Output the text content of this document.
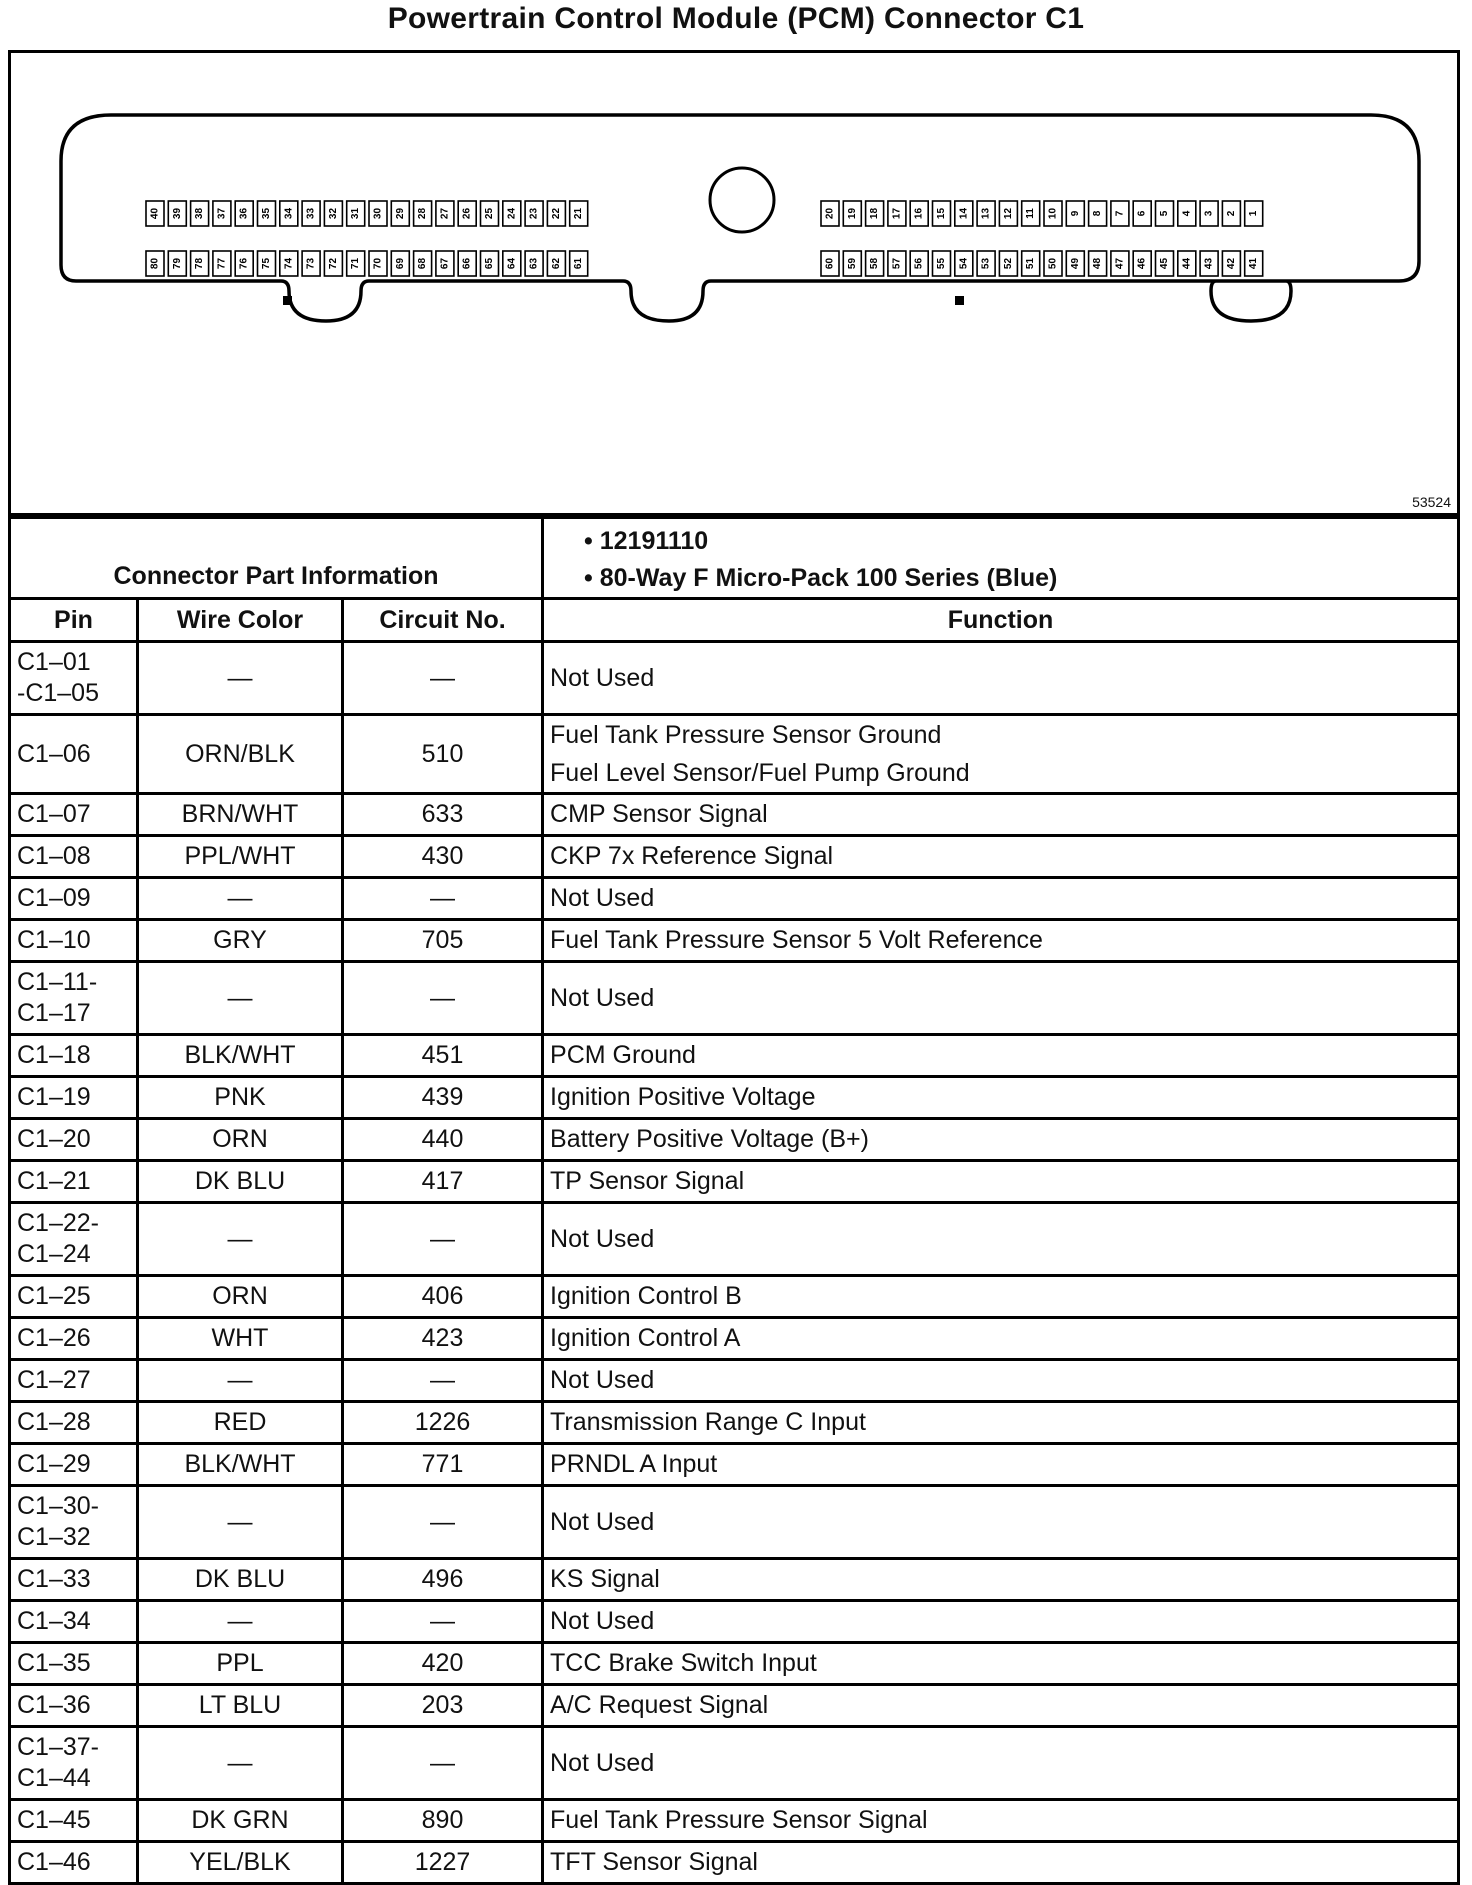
Powertrain Control Module (PCM) Connector C1
40 39 38 37 36 35 34 33 32 31 30 29 28 27 26 25 24 23 22 21
80 79 78 77 76 75 74 73 72 71 70 69 68 67 66 65 64 63 62 61
20 19 18 17 16 15 14 13 12 11 10 9 8 7 6 5 4 3 2 1
60 59 58 57 56 55 54 53 52 51 50 49 48 47 46 45 44 43 42 41
53524
Connector Part Information			• 12191110
• 80-Way F Micro-Pack 100 Series (Blue)

Pin	Wire Color	Circuit No.	Function

C1–01
-C1–05	—	—	Not Used

C1–06	ORN/BLK	510	Fuel Tank Pressure Sensor Ground
Fuel Level Sensor/Fuel Pump Ground

C1–07	BRN/WHT	633	CMP Sensor Signal

C1–08	PPL/WHT	430	CKP 7x Reference Signal

C1–09	—	—	Not Used

C1–10	GRY	705	Fuel Tank Pressure Sensor 5 Volt Reference

C1–11-
C1–17	—	—	Not Used

C1–18	BLK/WHT	451	PCM Ground

C1–19	PNK	439	Ignition Positive Voltage

C1–20	ORN	440	Battery Positive Voltage (B+)

C1–21	DK BLU	417	TP Sensor Signal

C1–22-
C1–24	—	—	Not Used

C1–25	ORN	406	Ignition Control B

C1–26	WHT	423	Ignition Control A

C1–27	—	—	Not Used

C1–28	RED	1226	Transmission Range C Input

C1–29	BLK/WHT	771	PRNDL A Input

C1–30-
C1–32	—	—	Not Used

C1–33	DK BLU	496	KS Signal

C1–34	—	—	Not Used

C1–35	PPL	420	TCC Brake Switch Input

C1–36	LT BLU	203	A/C Request Signal

C1–37-
C1–44	—	—	Not Used

C1–45	DK GRN	890	Fuel Tank Pressure Sensor Signal

C1–46	YEL/BLK	1227	TFT Sensor Signal
